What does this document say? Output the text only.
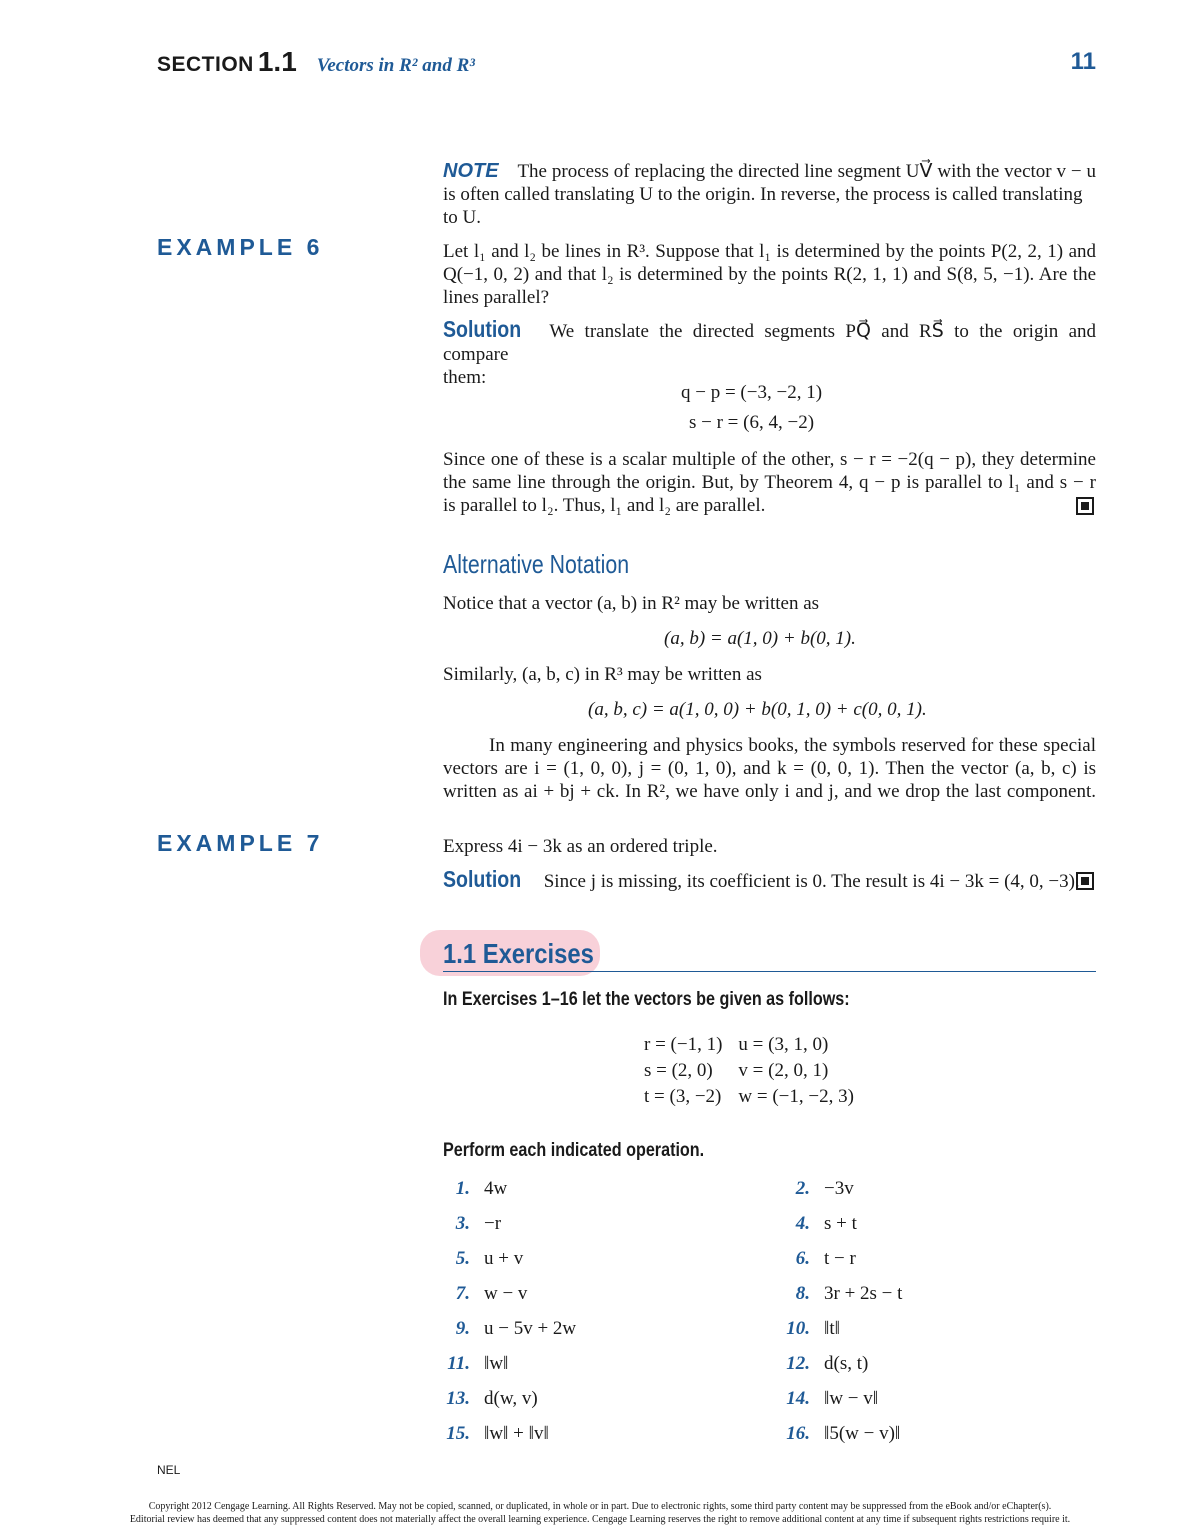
SECTION 1.1 Vectors in R² and R³	11
NOTE The process of replacing the directed line segment UV⃗ with the vector v − u
is often called translating U to the origin. In reverse, the process is called translating to U.
EXAMPLE 6	Let l₁ and l₂ be lines in R³. Suppose that l₁ is determined by the points P(2, 2, 1) and
Q(−1, 0, 2) and that l₂ is determined by the points R(2, 1, 1) and S(8, 5, −1). Are the
lines parallel?
Solution We translate the directed segments PQ⃗ and RS⃗ to the origin and compare
them:
q − p = (−3, −2, 1)
s − r = (6, 4, −2)
Since one of these is a scalar multiple of the other, s − r = −2(q − p), they determine
the same line through the origin. But, by Theorem 4, q − p is parallel to l₁ and s − r
is parallel to l₂. Thus, l₁ and l₂ are parallel.
Alternative Notation
Notice that a vector (a, b) in R² may be written as
(a, b) = a(1, 0) + b(0, 1).
Similarly, (a, b, c) in R³ may be written as
(a, b, c) = a(1, 0, 0) + b(0, 1, 0) + c(0, 0, 1).
In many engineering and physics books, the symbols reserved for these special
vectors are i = (1, 0, 0), j = (0, 1, 0), and k = (0, 0, 1). Then the vector (a, b, c) is
written as ai + bj + ck. In R², we have only i and j, and we drop the last component.
EXAMPLE 7	Express 4i − 3k as an ordered triple.
Solution Since j is missing, its coefficient is 0. The result is 4i − 3k = (4, 0, −3).
1.1 Exercises
In Exercises 1–16 let the vectors be given as follows:
r = (−1, 1)	u = (3, 1, 0)
s = (2, 0)	v = (2, 0, 1)
t = (3, −2)	w = (−1, −2, 3)
Perform each indicated operation.
1. 4w	2. −3v
3. −r	4. s + t
5. u + v	6. t − r
7. w − v	8. 3r + 2s − t
9. u − 5v + 2w	10. ‖t‖
11. ‖w‖	12. d(s, t)
13. d(w, v)	14. ‖w − v‖
15. ‖w‖ + ‖v‖	16. ‖5(w − v)‖
NEL
Copyright 2012 Cengage Learning. All Rights Reserved. May not be copied, scanned, or duplicated, in whole or in part. Due to electronic rights, some third party content may be suppressed from the eBook and/or eChapter(s).
Editorial review has deemed that any suppressed content does not materially affect the overall learning experience. Cengage Learning reserves the right to remove additional content at any time if subsequent rights restrictions require it.
